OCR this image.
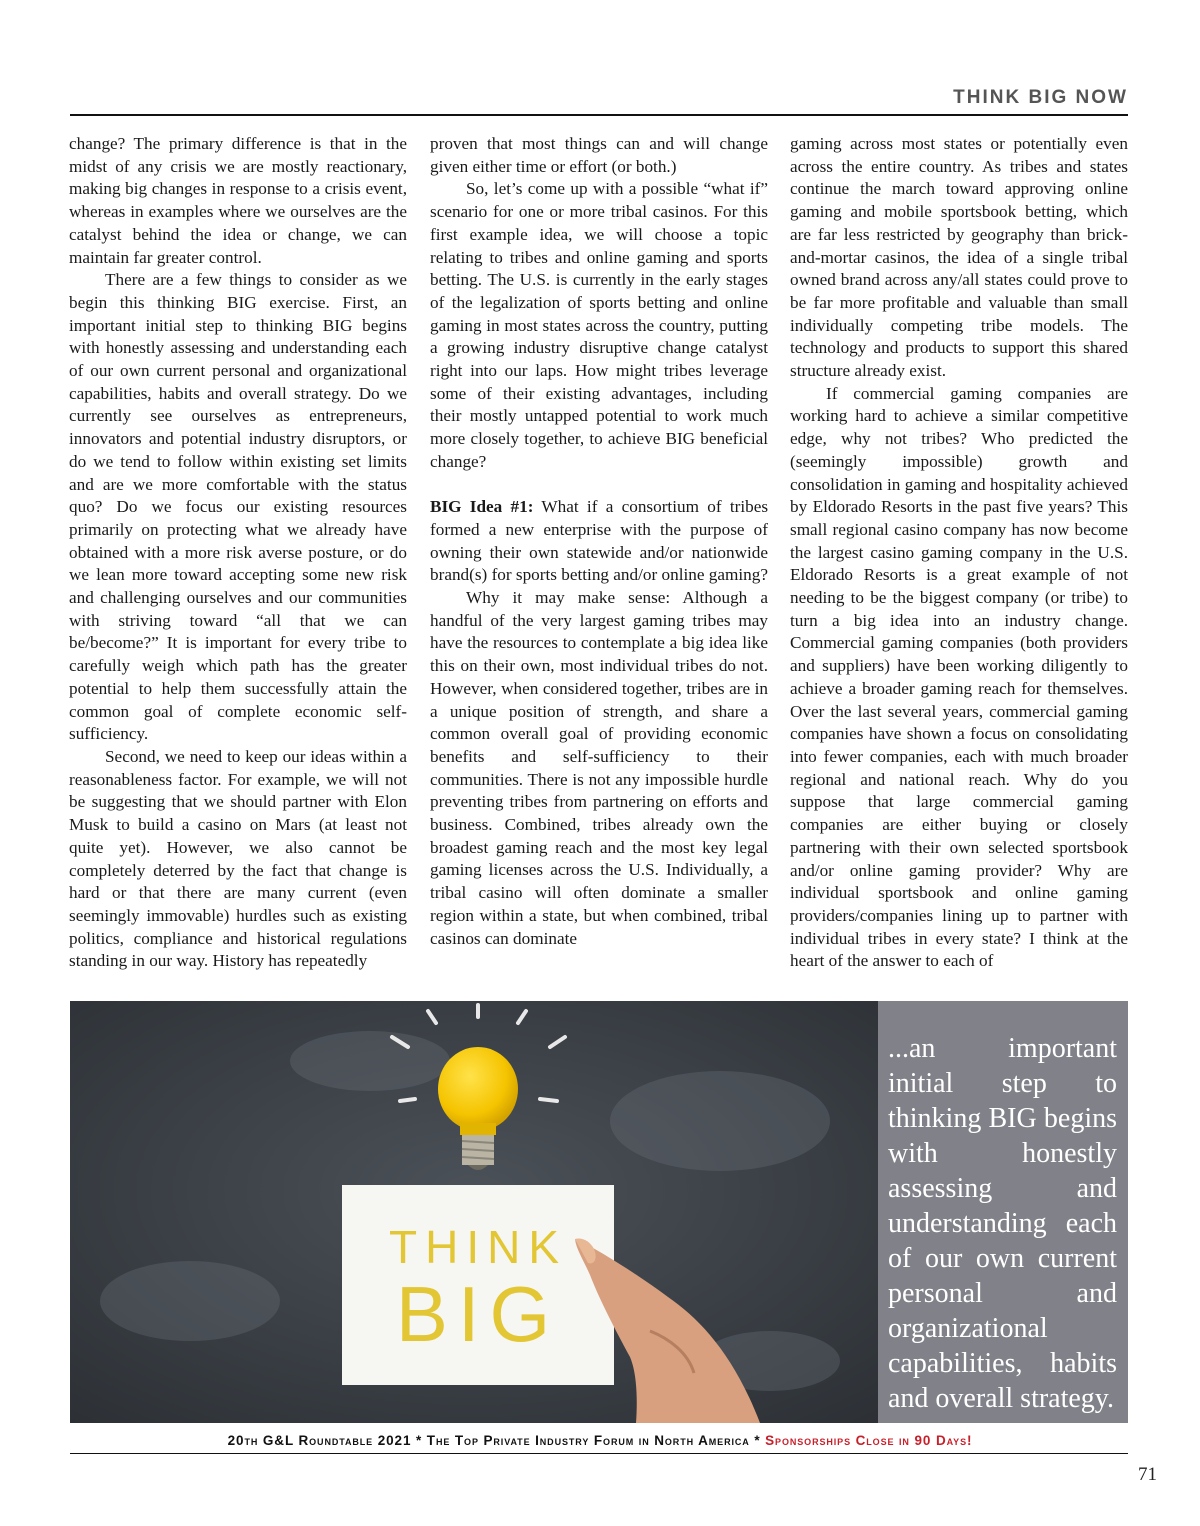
THINK BIG NOW

change? The primary difference is that in the midst of any crisis we are mostly reactionary, making big changes in response to a crisis event, whereas in examples where we ourselves are the catalyst behind the idea or change, we can maintain far greater control.

There are a few things to consider as we begin this thinking BIG exercise. First, an important initial step to thinking BIG begins with honestly assessing and understanding each of our own current personal and organizational capabilities, habits and overall strategy. Do we currently see ourselves as entrepreneurs, innovators and potential industry disruptors, or do we tend to follow within existing set limits and are we more comfortable with the status quo? Do we focus our existing resources primarily on protecting what we already have obtained with a more risk averse posture, or do we lean more toward accepting some new risk and challenging ourselves and our communities with striving toward “all that we can be/become?” It is important for every tribe to carefully weigh which path has the greater potential to help them successfully attain the common goal of complete economic self-sufficiency.

Second, we need to keep our ideas within a reasonableness factor. For example, we will not be suggesting that we should partner with Elon Musk to build a casino on Mars (at least not quite yet). However, we also cannot be completely deterred by the fact that change is hard or that there are many current (even seemingly immovable) hurdles such as existing politics, compliance and historical regulations standing in our way. History has repeatedly

proven that most things can and will change given either time or effort (or both.)

So, let’s come up with a possible “what if” scenario for one or more tribal casinos. For this first example idea, we will choose a topic relating to tribes and online gaming and sports betting. The U.S. is currently in the early stages of the legalization of sports betting and online gaming in most states across the country, putting a growing industry disruptive change catalyst right into our laps. How might tribes leverage some of their existing advantages, including their mostly untapped potential to work much more closely together, to achieve BIG beneficial change?

BIG Idea #1: What if a consortium of tribes formed a new enterprise with the purpose of owning their own statewide and/or nationwide brand(s) for sports betting and/or online gaming?

Why it may make sense: Although a handful of the very largest gaming tribes may have the resources to contemplate a big idea like this on their own, most individual tribes do not. However, when considered together, tribes are in a unique position of strength, and share a common overall goal of providing economic benefits and self-sufficiency to their communities. There is not any impossible hurdle preventing tribes from partnering on efforts and business. Combined, tribes already own the broadest gaming reach and the most key legal gaming licenses across the U.S. Individually, a tribal casino will often dominate a smaller region within a state, but when combined, tribal casinos can dominate

gaming across most states or potentially even across the entire country. As tribes and states continue the march toward approving online gaming and mobile sportsbook betting, which are far less restricted by geography than brick-and-mortar casinos, the idea of a single tribal owned brand across any/all states could prove to be far more profitable and valuable than small individually competing tribe models. The technology and products to support this shared structure already exist.

If commercial gaming companies are working hard to achieve a similar competitive edge, why not tribes? Who predicted the (seemingly impossible) growth and consolidation in gaming and hospitality achieved by Eldorado Resorts in the past five years? This small regional casino company has now become the largest casino gaming company in the U.S. Eldorado Resorts is a great example of not needing to be the biggest company (or tribe) to turn a big idea into an industry change. Commercial gaming companies (both providers and suppliers) have been working diligently to achieve a broader gaming reach for themselves. Over the last several years, commercial gaming companies have shown a focus on consolidating into fewer companies, each with much broader regional and national reach. Why do you suppose that large commercial gaming companies are either buying or closely partnering with their own selected sportsbook and/or online gaming provider? Why are individual sportsbook and online gaming providers/companies lining up to partner with individual tribes in every state? I think at the heart of the answer to each of

THINK
BIG
...an important initial step to thinking BIG begins with honestly assessing and understanding each of our own current personal and organizational capabilities, habits and overall strategy.
20th G&L Roundtable 2021 * The Top Private Industry Forum in North America * Sponsorships Close in 90 Days!
71
